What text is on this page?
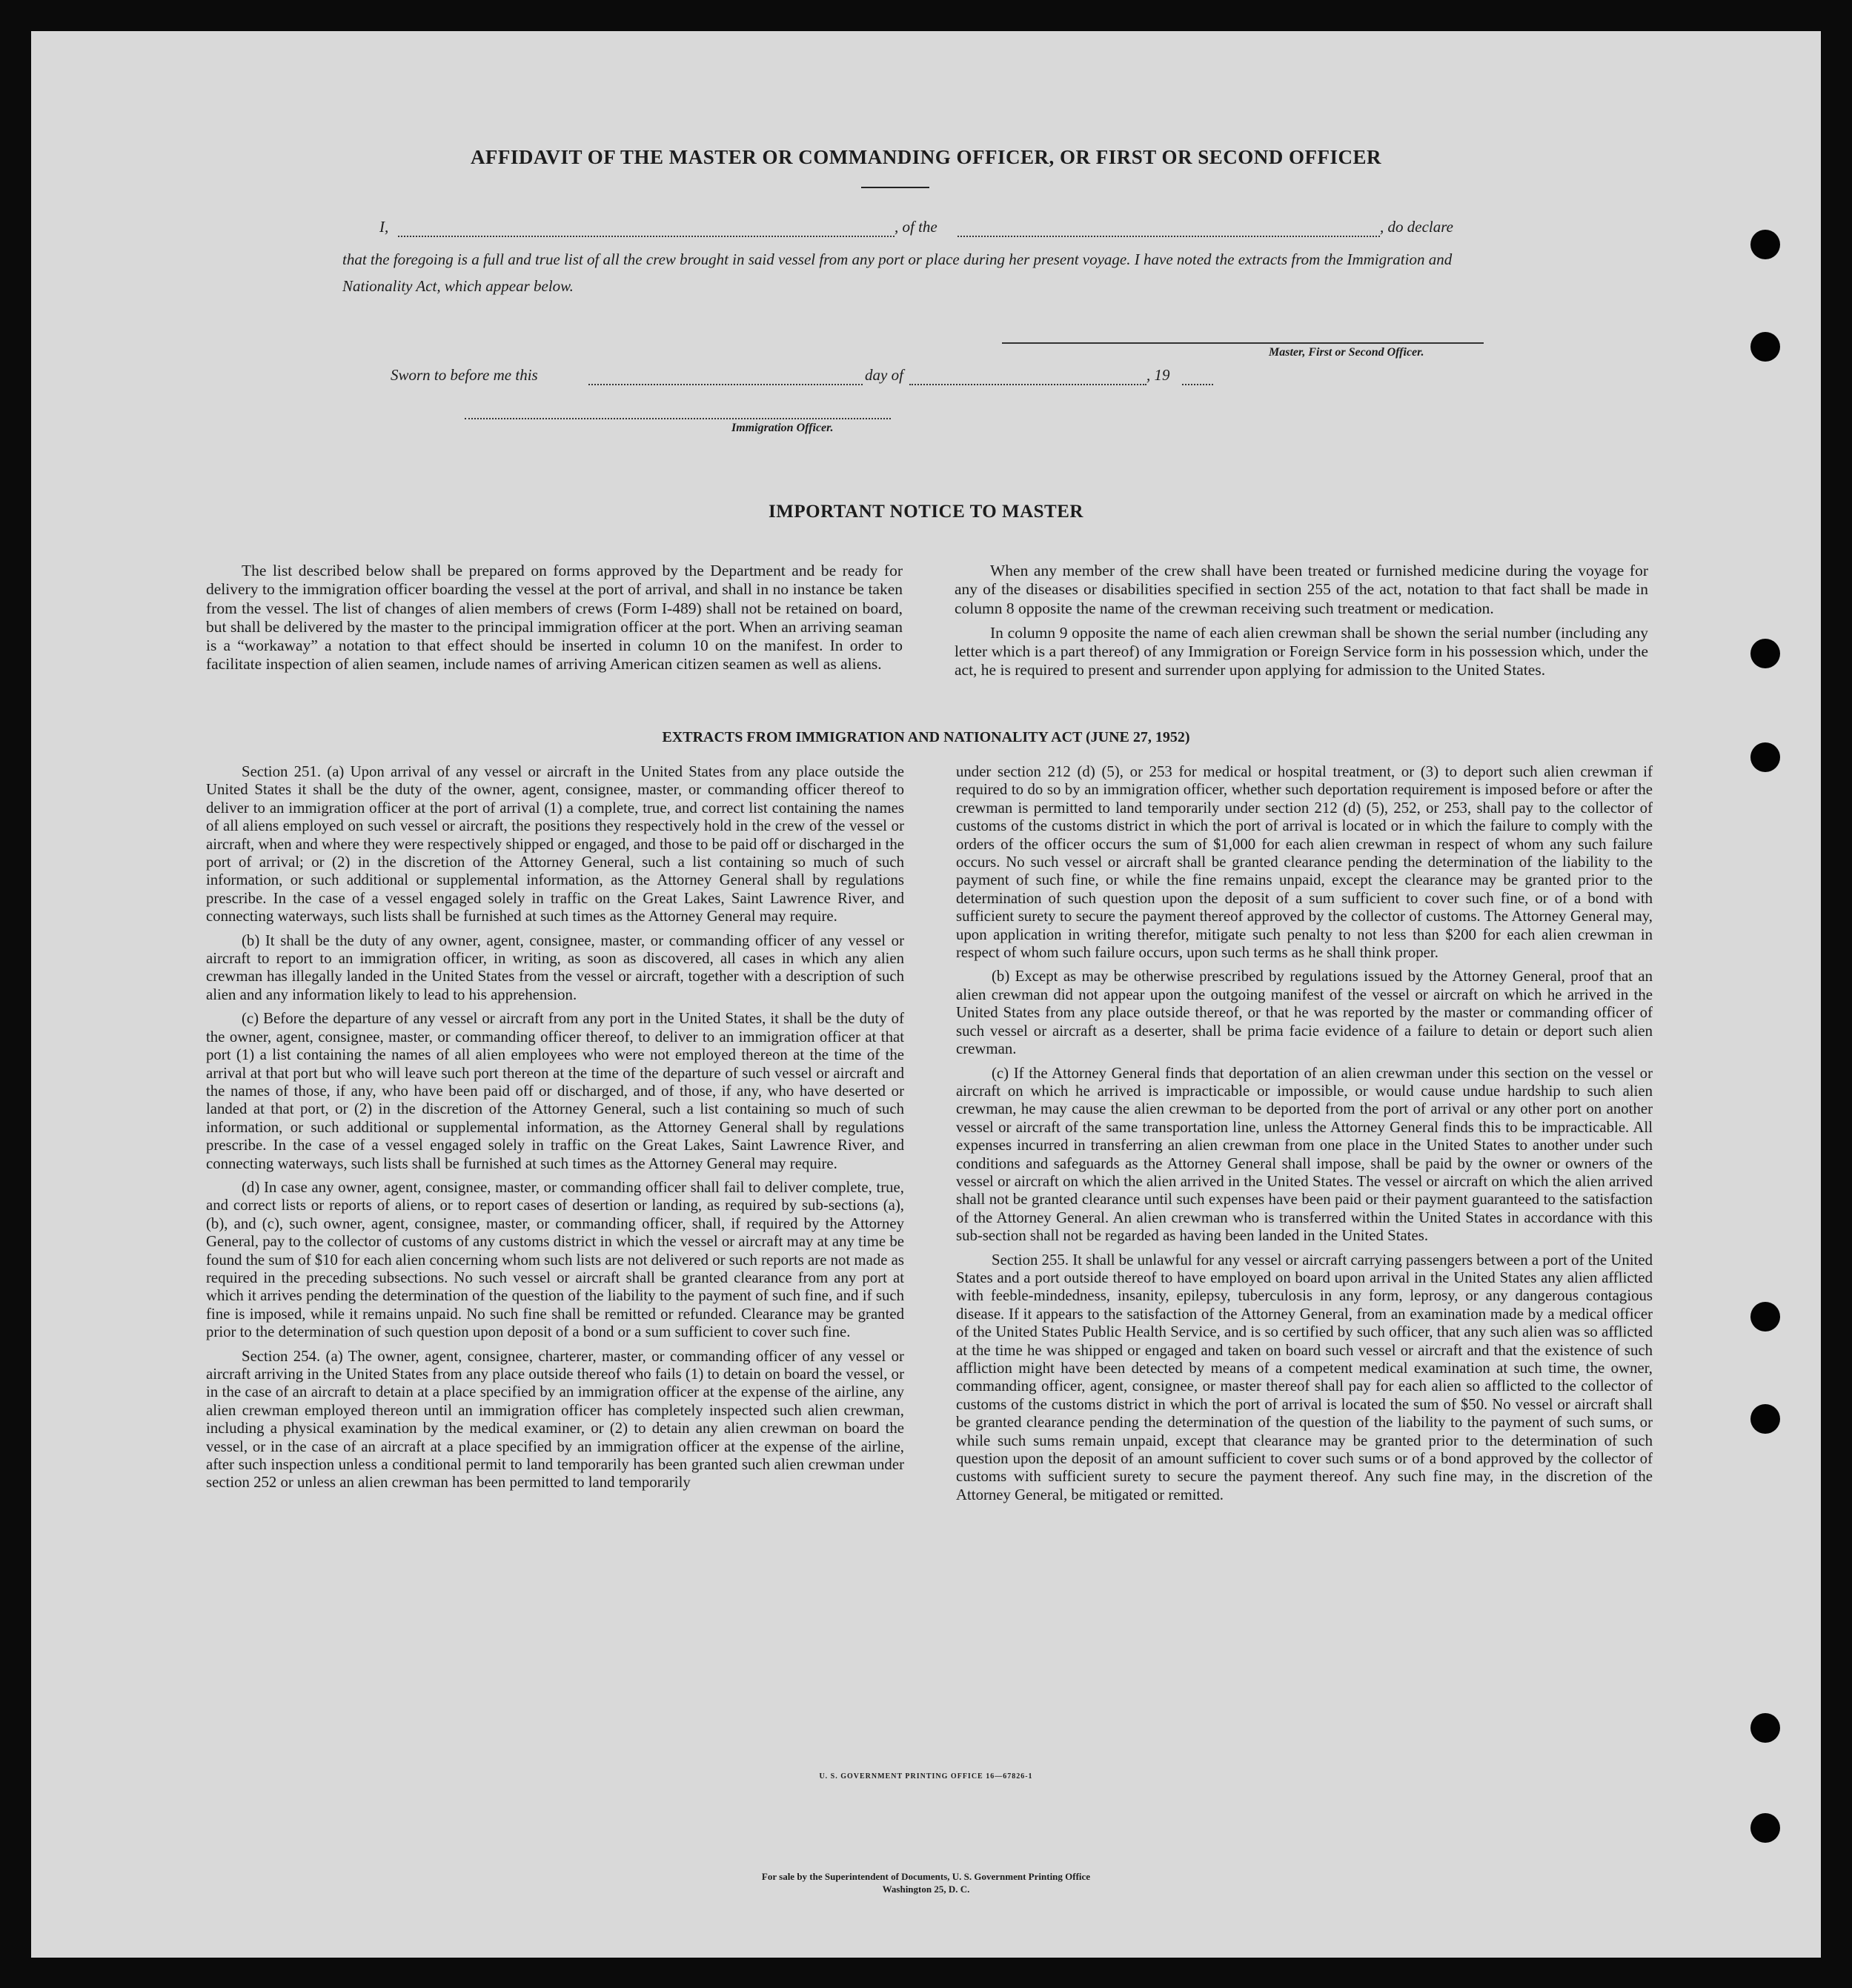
AFFIDAVIT OF THE MASTER OR COMMANDING OFFICER, OR FIRST OR SECOND OFFICER
I,	, of the	, do declare
that the foregoing is a full and true list of all the crew brought in said vessel from any port or place during her present voyage. I have noted the extracts from the Immigration and Nationality Act, which appear below.
Master, First or Second Officer.
Sworn to before me this	day of	, 19
Immigration Officer.
IMPORTANT NOTICE TO MASTER

The list described below shall be prepared on forms approved by the Department and be ready for delivery to the immigration officer boarding the vessel at the port of arrival, and shall in no instance be taken from the vessel. The list of changes of alien members of crews (Form I-489) shall not be retained on board, but shall be delivered by the master to the principal immigration officer at the port. When an arriving seaman is a “workaway” a notation to that effect should be inserted in column 10 on the manifest. In order to facilitate inspection of alien seamen, include names of arriving American citizen seamen as well as aliens.

When any member of the crew shall have been treated or furnished medicine during the voyage for any of the diseases or disabilities specified in section 255 of the act, notation to that fact shall be made in column 8 opposite the name of the crewman receiving such treatment or medication.

In column 9 opposite the name of each alien crewman shall be shown the serial number (including any letter which is a part thereof) of any Immigration or Foreign Service form in his possession which, under the act, he is required to present and surrender upon applying for admission to the United States.

EXTRACTS FROM IMMIGRATION AND NATIONALITY ACT (JUNE 27, 1952)

Section 251. (a) Upon arrival of any vessel or aircraft in the United States from any place outside the United States it shall be the duty of the owner, agent, consignee, master, or commanding officer thereof to deliver to an immigration officer at the port of arrival (1) a complete, true, and correct list containing the names of all aliens employed on such vessel or aircraft, the positions they respectively hold in the crew of the vessel or aircraft, when and where they were respectively shipped or engaged, and those to be paid off or discharged in the port of arrival; or (2) in the discretion of the Attorney General, such a list containing so much of such information, or such additional or supplemental information, as the Attorney General shall by regulations prescribe. In the case of a vessel engaged solely in traffic on the Great Lakes, Saint Lawrence River, and connecting waterways, such lists shall be furnished at such times as the Attorney General may require.

(b) It shall be the duty of any owner, agent, consignee, master, or commanding officer of any vessel or aircraft to report to an immigration officer, in writing, as soon as discovered, all cases in which any alien crewman has illegally landed in the United States from the vessel or aircraft, together with a description of such alien and any information likely to lead to his apprehension.

(c) Before the departure of any vessel or aircraft from any port in the United States, it shall be the duty of the owner, agent, consignee, master, or commanding officer thereof, to deliver to an immigration officer at that port (1) a list containing the names of all alien employees who were not employed thereon at the time of the arrival at that port but who will leave such port thereon at the time of the departure of such vessel or aircraft and the names of those, if any, who have been paid off or discharged, and of those, if any, who have deserted or landed at that port, or (2) in the discretion of the Attorney General, such a list containing so much of such information, or such additional or supplemental information, as the Attorney General shall by regulations prescribe. In the case of a vessel engaged solely in traffic on the Great Lakes, Saint Lawrence River, and connecting waterways, such lists shall be furnished at such times as the Attorney General may require.

(d) In case any owner, agent, consignee, master, or commanding officer shall fail to deliver complete, true, and correct lists or reports of aliens, or to report cases of desertion or landing, as required by sub-sections (a), (b), and (c), such owner, agent, consignee, master, or commanding officer, shall, if required by the Attorney General, pay to the collector of customs of any customs district in which the vessel or aircraft may at any time be found the sum of $10 for each alien concerning whom such lists are not delivered or such reports are not made as required in the preceding subsections. No such vessel or aircraft shall be granted clearance from any port at which it arrives pending the determination of the question of the liability to the payment of such fine, and if such fine is imposed, while it remains unpaid. No such fine shall be remitted or refunded. Clearance may be granted prior to the determination of such question upon deposit of a bond or a sum sufficient to cover such fine.

Section 254. (a) The owner, agent, consignee, charterer, master, or commanding officer of any vessel or aircraft arriving in the United States from any place outside thereof who fails (1) to detain on board the vessel, or in the case of an aircraft to detain at a place specified by an immigration officer at the expense of the airline, any alien crewman employed thereon until an immigration officer has completely inspected such alien crewman, including a physical examination by the medical examiner, or (2) to detain any alien crewman on board the vessel, or in the case of an aircraft at a place specified by an immigration officer at the expense of the airline, after such inspection unless a conditional permit to land temporarily has been granted such alien crewman under section 252 or unless an alien crewman has been permitted to land temporarily

under section 212 (d) (5), or 253 for medical or hospital treatment, or (3) to deport such alien crewman if required to do so by an immigration officer, whether such deportation requirement is imposed before or after the crewman is permitted to land temporarily under section 212 (d) (5), 252, or 253, shall pay to the collector of customs of the customs district in which the port of arrival is located or in which the failure to comply with the orders of the officer occurs the sum of $1,000 for each alien crewman in respect of whom any such failure occurs. No such vessel or aircraft shall be granted clearance pending the determination of the liability to the payment of such fine, or while the fine remains unpaid, except the clearance may be granted prior to the determination of such question upon the deposit of a sum sufficient to cover such fine, or of a bond with sufficient surety to secure the payment thereof approved by the collector of customs. The Attorney General may, upon application in writing therefor, mitigate such penalty to not less than $200 for each alien crewman in respect of whom such failure occurs, upon such terms as he shall think proper.

(b) Except as may be otherwise prescribed by regulations issued by the Attorney General, proof that an alien crewman did not appear upon the outgoing manifest of the vessel or aircraft on which he arrived in the United States from any place outside thereof, or that he was reported by the master or commanding officer of such vessel or aircraft as a deserter, shall be prima facie evidence of a failure to detain or deport such alien crewman.

(c) If the Attorney General finds that deportation of an alien crewman under this section on the vessel or aircraft on which he arrived is impracticable or impossible, or would cause undue hardship to such alien crewman, he may cause the alien crewman to be deported from the port of arrival or any other port on another vessel or aircraft of the same transportation line, unless the Attorney General finds this to be impracticable. All expenses incurred in transferring an alien crewman from one place in the United States to another under such conditions and safeguards as the Attorney General shall impose, shall be paid by the owner or owners of the vessel or aircraft on which the alien arrived in the United States. The vessel or aircraft on which the alien arrived shall not be granted clearance until such expenses have been paid or their payment guaranteed to the satisfaction of the Attorney General. An alien crewman who is transferred within the United States in accordance with this sub-section shall not be regarded as having been landed in the United States.

Section 255. It shall be unlawful for any vessel or aircraft carrying passengers between a port of the United States and a port outside thereof to have employed on board upon arrival in the United States any alien afflicted with feeble-mindedness, insanity, epilepsy, tuberculosis in any form, leprosy, or any dangerous contagious disease. If it appears to the satisfaction of the Attorney General, from an examination made by a medical officer of the United States Public Health Service, and is so certified by such officer, that any such alien was so afflicted at the time he was shipped or engaged and taken on board such vessel or aircraft and that the existence of such affliction might have been detected by means of a competent medical examination at such time, the owner, commanding officer, agent, consignee, or master thereof shall pay for each alien so afflicted to the collector of customs of the customs district in which the port of arrival is located the sum of $50. No vessel or aircraft shall be granted clearance pending the determination of the question of the liability to the payment of such sums, or while such sums remain unpaid, except that clearance may be granted prior to the determination of such question upon the deposit of an amount sufficient to cover such sums or of a bond approved by the collector of customs with sufficient surety to secure the payment thereof. Any such fine may, in the discretion of the Attorney General, be mitigated or remitted.

U. S. GOVERNMENT PRINTING OFFICE 16—67826-1
For sale by the Superintendent of Documents, U. S. Government Printing Office
Washington 25, D. C.
